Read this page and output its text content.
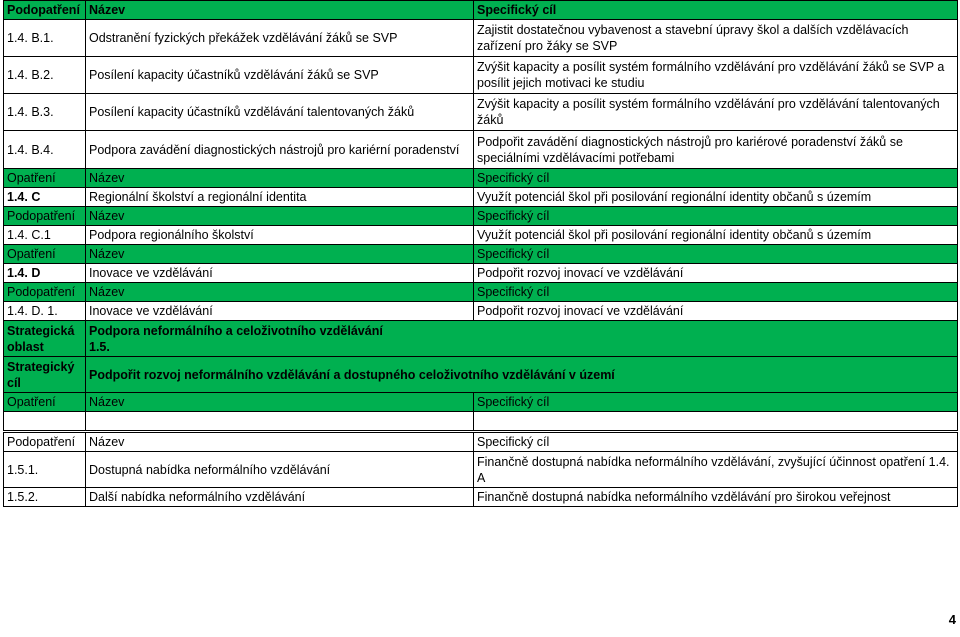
Podopatření	Název	Specifický cíl
1.4. B.1.	Odstranění fyzických překážek vzdělávání žáků se SVP	Zajistit dostatečnou vybavenost a stavební úpravy škol a dalších vzdělávacích zařízení pro žáky se SVP
1.4. B.2.	Posílení kapacity účastníků vzdělávání žáků se SVP	Zvýšit kapacity a posílit systém formálního vzdělávání pro vzdělávání žáků se SVP a posílit jejich motivaci ke studiu
1.4. B.3.	Posílení kapacity účastníků vzdělávání talentovaných žáků	Zvýšit kapacity a posílit systém formálního vzdělávání pro vzdělávání talentovaných žáků
1.4. B.4.	Podpora zavádění diagnostických nástrojů pro kariérní poradenství	Podpořit zavádění diagnostických nástrojů pro kariérové poradenství žáků se speciálními vzdělávacími potřebami
Opatření	Název	Specifický cíl
1.4. C	Regionální školství a regionální identita	Využít potenciál škol při posilování regionální identity občanů s územím
Podopatření	Název	Specifický cíl
1.4. C.1	Podpora regionálního školství	Využít potenciál škol při posilování regionální identity občanů s územím
Opatření	Název	Specifický cíl
1.4. D	Inovace ve vzdělávání	Podpořit rozvoj inovací ve vzdělávání
Podopatření	Název	Specifický cíl
1.4. D. 1.	Inovace ve vzdělávání	Podpořit rozvoj inovací ve vzdělávání
Strategická oblast	Podpora neformálního a celoživotního vzdělávání
1.5.	

Strategický cíl	Podpořit rozvoj neformálního vzdělávání a dostupného celoživotního vzdělávání v území	
Opatření	Název	Specifický cíl

Podopatření	Název	Specifický cíl
1.5.1.	Dostupná nabídka neformálního vzdělávání	Finančně dostupná nabídka neformálního vzdělávání, zvyšující účinnost opatření 1.4. A
1.5.2.	Další nabídka neformálního vzdělávání	Finančně dostupná nabídka neformálního vzdělávání pro širokou veřejnost
4
